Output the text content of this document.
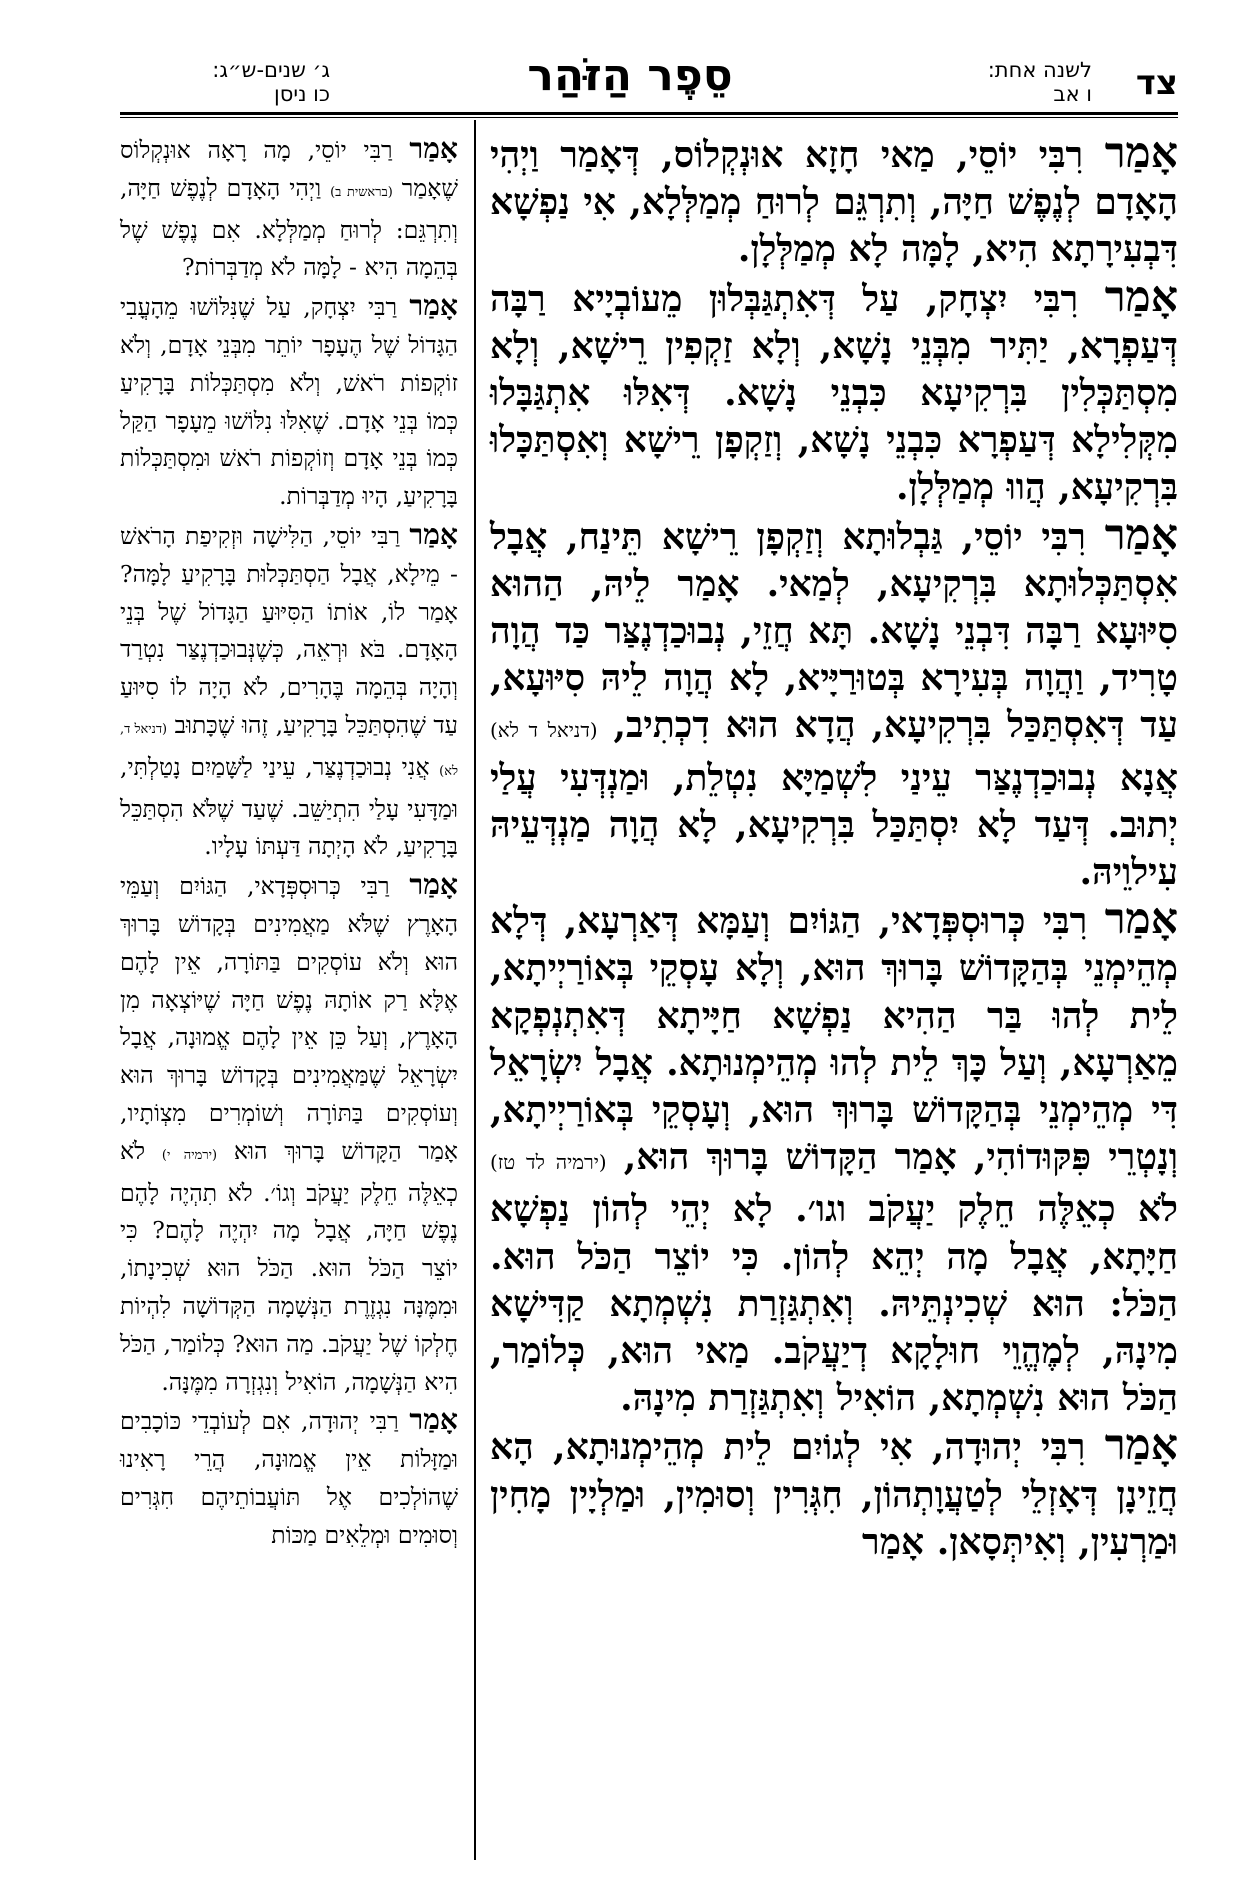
צד
לשנה אחת:
ו אב
סֵפֶר הַזֹּהַר
ג׳ שנים-ש״ג:
כו ניסן

אָמַר רִבִּי יוֹסֵי, מַאי חָזָא אוּנְקְלוֹס, דְּאָמַר וַיְהִי הָאָדָם לְנֶפֶשׁ חַיָּה, וְתִרְגֵּם לְרוּחַ מְמַלְּלָא, אִי נַפְשָׁא דִּבְעִירָתָא הִיא, לָמָּה לָא מְמַלְּלָן.

אָמַר רִבִּי יִצְחָק, עַל דְּאִתְגַּבְּלוּן מֵעוֹבְיָיא רַבָּה דְּעַפְרָא, יַתִּיר מִבְּנֵי נָשָׁא, וְלָא זַקְפִין רֵישָׁא, וְלָא מִסְתַּכְּלִין בִּרְקִיעָא כִּבְנֵי נָשָׁא. דְּאִלּוּ אִתְגַּבָּלוּ מִקְּלִילָא דְּעַפְרָא כִּבְנֵי נָשָׁא, וְזַקְפָן רֵישָׁא וְאִסְתַּכָּלוּ בִּרְקִיעָא, הֲווּ מְמַלְּלָן.

אָמַר רִבִּי יוֹסֵי, גַּבְלוּתָא וְזַקְפָן רֵישָׁא תֵּינַח, אֲבָל אִסְתַּכְּלוּתָא בִּרְקִיעָא, לְמַאי. אָמַר לֵיהּ, הַהוּא סִיּוּעָא רַבָּה דִּבְנֵי נָשָׁא. תָּא חֲזֵי, נְבוּכַדְנֶצַּר כַּד הֲוָה טָרִיד, וַהֲוָה בְּעִירָא בְּטוּרַיָּיא, לָא הֲוָה לֵיהּ סִיּוּעָא, עַד דְּאִסְתַּכַּל בִּרְקִיעָא, הֲדָא הוּא דִכְתִיב, (דניאל ד לא) אֲנָא נְבוּכַדְנֶצַּר עֵינַי לִשְׁמַיָּא נִטְלֵת, וּמַנְדְּעִי עֲלַי יְתוּב. דְּעַד לָא יִסְתַּכַּל בִּרְקִיעָא, לָא הֲוָה מַנְדְּעֵיהּ עִילוֵיהּ.

אָמַר רִבִּי כְּרוּסְפְּדָאי, הַגּוֹיִם וְעַמָּא דְּאַרְעָא, דְּלָא מְהֵימְנֵי בְּהַקָּדוֹשׁ בָּרוּךְ הוּא, וְלָא עָסְקֵי בְּאוֹרַיְיתָא, לֵית לְהוּ בַּר הַהִיא נַפְשָׁא חַיָּיתָא דְּאִתְנְפְקָא מֵאַרְעָא, וְעַל כָּךְ לֵית לְהוּ מְהֵימְנוּתָא. אֲבָל יִשְׂרָאֵל דִּי מְהֵימְנֵי בְּהַקָּדוֹשׁ בָּרוּךְ הוּא, וְעָסְקֵי בְּאוֹרַיְיתָא, וְנָטְרֵי פִּקּוּדוֹהִי, אָמַר הַקָּדוֹשׁ בָּרוּךְ הוּא, (ירמיה לד טז) לֹא כְאֵלֶּה חֵלֶק יַעֲקֹב וגו׳. לָא יְהֵי לְהוֹן נַפְשָׁא חַיָּתָא, אֲבָל מָה יְהֵא לְהוֹן. כִּי יוֹצֵר הַכֹּל הוּא. הַכֹּל: הוּא שְׁכִינְתֵּיהּ. וְאִתְגַּזְרַת נִשְׁמְתָא קַדִּישָׁא מִינָהּ, לְמֶהֱוֵי חוּלָקָא דְיַעֲקֹב. מַאי הוּא, כְּלוֹמַר, הַכֹּל הוּא נִשְׁמְתָא, הוֹאִיל וְאִתְגַּזְרַת מִינָהּ.

אָמַר רִבִּי יְהוּדָה, אִי לְגוֹיִם לֵית מְהֵימְנוּתָא, הָא חֲזֵינָן דְּאָזְלֵי לְטַעֲוָתְהוֹן, חִגְּרִין וְסוּמִין, וּמַלְיָין מָחִין וּמַרְעִין, וְאִיתְּסָאן. אָמַר

אָמַר רַבִּי יוֹסֵי, מָה רָאָה אוּנְקְלוֹס שֶׁאָמַר (בראשית ב) וַיְהִי הָאָדָם לְנֶפֶשׁ חַיָּה, וְתִרְגֵּם: לְרוּחַ מְמַלְּלָא. אִם נֶפֶשׁ שֶׁל בְּהֵמָה הִיא - לָמָּה לֹא מְדַבְּרוֹת?

אָמַר רַבִּי יִצְחָק, עַל שֶׁנִּלּוֹשׁוּ מֵהָעֳבִי הַגָּדוֹל שֶׁל הֶעָפָר יוֹתֵר מִבְּנֵי אָדָם, וְלֹא זוֹקְפוֹת רֹאשׁ, וְלֹא מִסְתַּכְּלוֹת בָּרָקִיעַ כְּמוֹ בְּנֵי אָדָם. שֶׁאִלּוּ נִלּוֹשׁוּ מֵעָפָר הַקַּל כְּמוֹ בְּנֵי אָדָם וְזוֹקְפוֹת רֹאשׁ וּמִסְתַּכְּלוֹת בָּרָקִיעַ, הָיוּ מְדַבְּרוֹת.

אָמַר רַבִּי יוֹסֵי, הַלִּישָׁה וּזְקִיפַת הָרֹאשׁ - מֵילָא, אֲבָל הַסְתַּכְּלוּת בָּרָקִיעַ לָמָּה? אָמַר לוֹ, אוֹתוֹ הַסִּיּוּעַ הַגָּדוֹל שֶׁל בְּנֵי הָאָדָם. בֹּא וּרְאֵה, כְּשֶׁנְּבוּכַדְנֶצַּר נִטְרַד וְהָיָה בְּהֵמָה בֶּהָרִים, לֹא הָיָה לוֹ סִיּוּעַ עַד שֶׁהִסְתַּכֵּל בָּרָקִיעַ, זֶהוּ שֶׁכָּתוּב (דניאל ד, לא) אֲנִי נְבוּכַדְנֶצַּר, עֵינַי לַשָּׁמַיִם נָטַלְתִּי, וּמַדָּעִי עָלַי הִתְיַשֵּׁב. שֶׁעַד שֶׁלֹּא הִסְתַּכֵּל בָּרָקִיעַ, לֹא הָיְתָה דַּעְתּוֹ עָלָיו.

אָמַר רַבִּי כְּרוּסְפְּדָאי, הַגּוֹיִם וְעַמֵּי הָאָרֶץ שֶׁלֹּא מַאֲמִינִים בְּקָדוֹשׁ בָּרוּךְ הוּא וְלֹא עוֹסְקִים בַּתּוֹרָה, אֵין לָהֶם אֶלָּא רַק אוֹתָהּ נֶפֶשׁ חַיָּה שֶׁיּוֹצְאָה מִן הָאָרֶץ, וְעַל כֵּן אֵין לָהֶם אֱמוּנָה, אֲבָל יִשְׂרָאֵל שֶׁמַּאֲמִינִים בְּקָדוֹשׁ בָּרוּךְ הוּא וְעוֹסְקִים בַּתּוֹרָה וְשׁוֹמְרִים מִצְוֹתָיו, אָמַר הַקָּדוֹשׁ בָּרוּךְ הוּא (ירמיה י) לֹא כְאֵלֶּה חֵלֶק יַעֲקֹב וְגוֹ׳. לֹא תִהְיֶה לָהֶם נֶפֶשׁ חַיָּה, אֲבָל מָה יִהְיֶה לָהֶם? כִּי יוֹצֵר הַכֹּל הוּא. הַכֹּל הוּא שְׁכִינָתוֹ, וּמִמֶּנָּה נִגְזֶרֶת הַנְּשָׁמָה הַקְּדוֹשָׁה לִהְיוֹת חֶלְקוֹ שֶׁל יַעֲקֹב. מַה הוּא? כְּלוֹמַר, הַכֹּל הִיא הַנְּשָׁמָה, הוֹאִיל וְנִגְזְרָה מִמֶּנָּה.

אָמַר רַבִּי יְהוּדָה, אִם לְעוֹבְדֵי כּוֹכָבִים וּמַזָּלוֹת אֵין אֱמוּנָה, הֲרֵי רָאִינוּ שֶׁהוֹלְכִים אֶל תּוֹעֲבוֹתֵיהֶם חִגְּרִים וְסוּמִים וּמְלֵאִים מַכּוֹת
